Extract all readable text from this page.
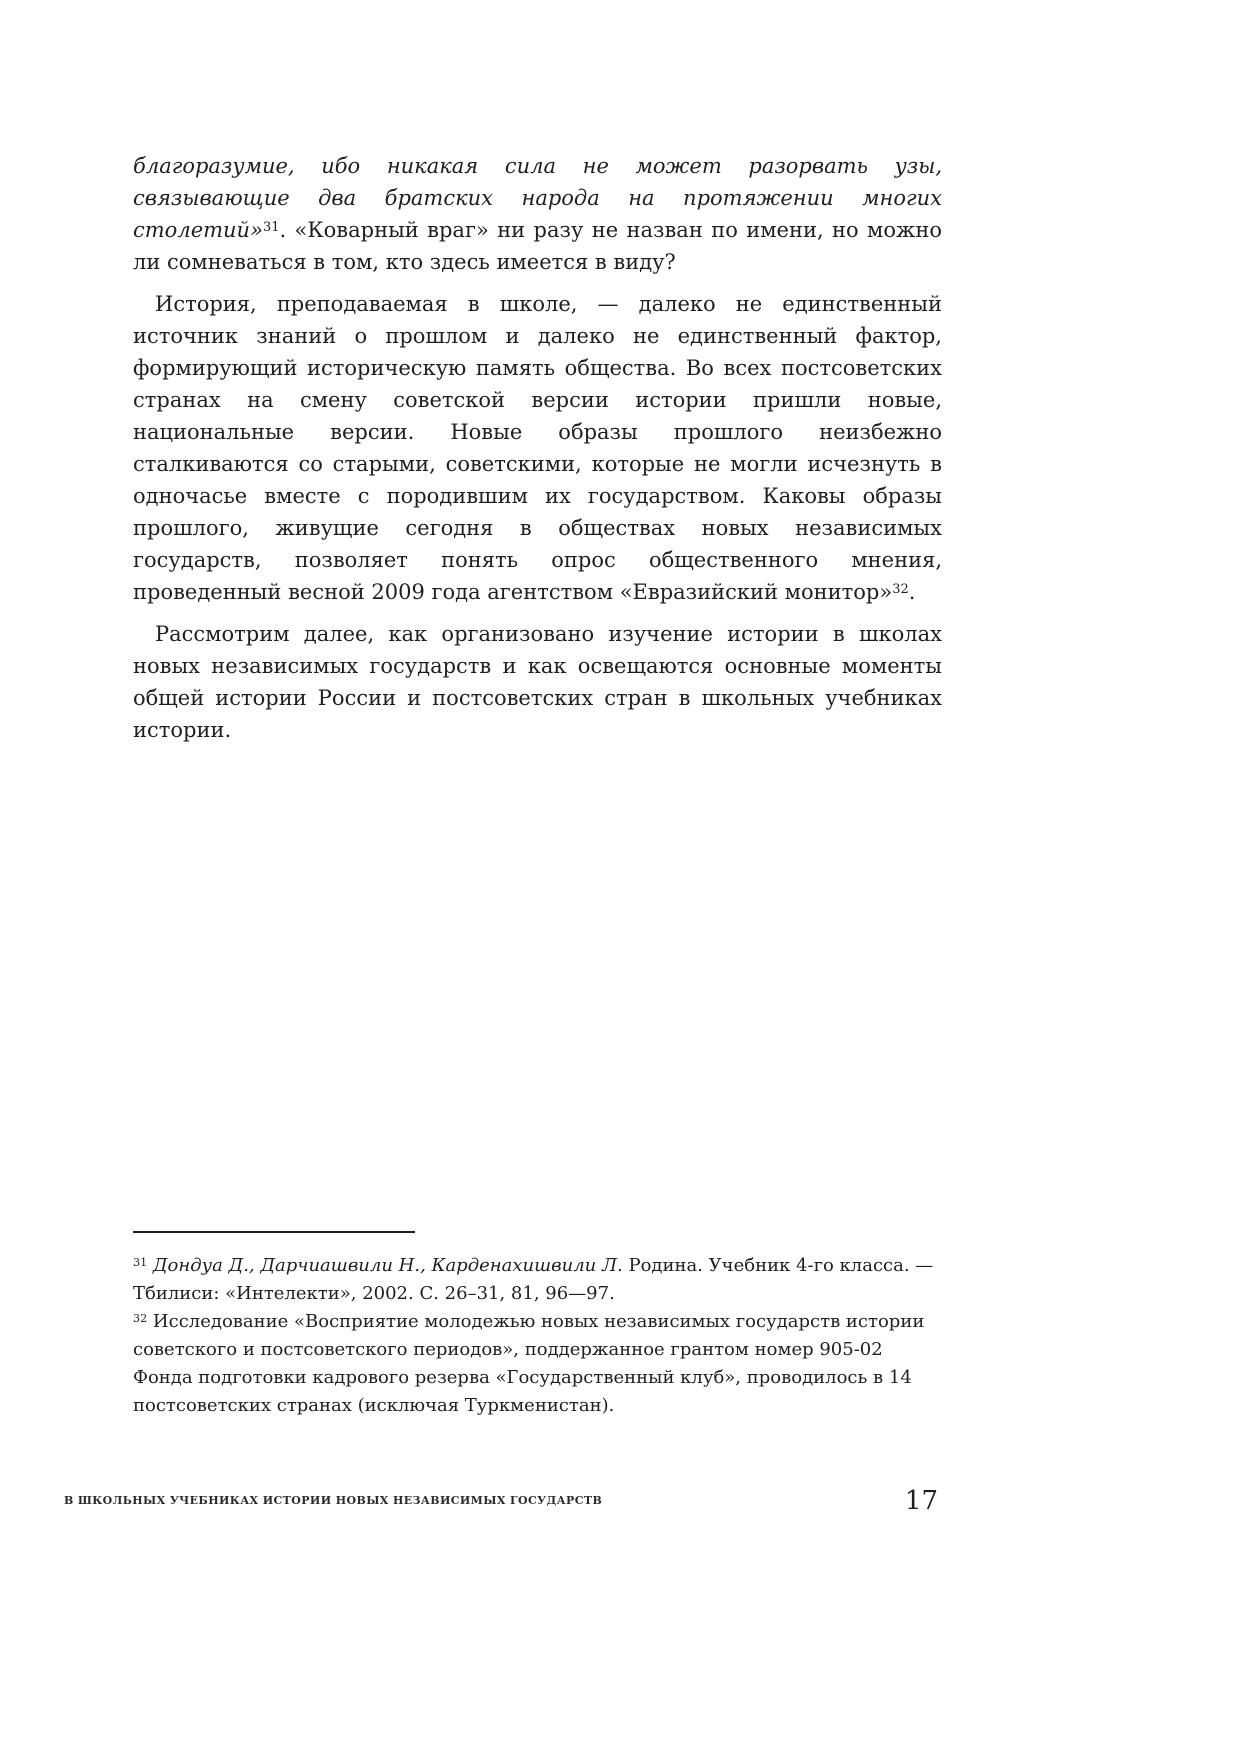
благоразумие, ибо никакая сила не может разорвать узы, связывающие два братских народа на протяжении многих столетий»$^{31}$. «Коварный враг» ни разу не назван по имени, но можно ли сомневаться в том, кто здесь имеется в виду?

История, преподаваемая в школе, — далеко не единственный источник знаний о прошлом и далеко не единственный фактор, формирующий историческую память общества. Во всех постсоветских странах на смену советской версии истории пришли новые, национальные версии. Новые образы прошлого неизбежно сталкиваются со старыми, советскими, которые не могли исчезнуть в одночасье вместе с породившим их государством. Каковы образы прошлого, живущие сегодня в обществах новых независимых государств, позволяет понять опрос общественного мнения, проведенный весной 2009 года агентством «Евразийский монитор»$^{32}$.

Рассмотрим далее, как организовано изучение истории в школах новых независимых государств и как освещаются основные моменты общей истории России и постсоветских стран в школьных учебниках истории.

$^{31}$ Дондуа Д., Дарчиашвили Н., Карденахишвили Л. Родина. Учебник 4-го класса. — Тбилиси: «Интелекти», 2002. С. 26–31, 81, 96—97.

$^{32}$ Исследование «Восприятие молодежью новых независимых государств истории советского и постсоветского периодов», поддержанное грантом номер 905-02 Фонда подготовки кадрового резерва «Государственный клуб», проводилось в 14 постсоветских странах (исключая Туркменистан).

В ШКОЛЬНЫХ УЧЕБНИКАХ ИСТОРИИ НОВЫХ НЕЗАВИСИМЫХ ГОСУДАРСТВ	17
